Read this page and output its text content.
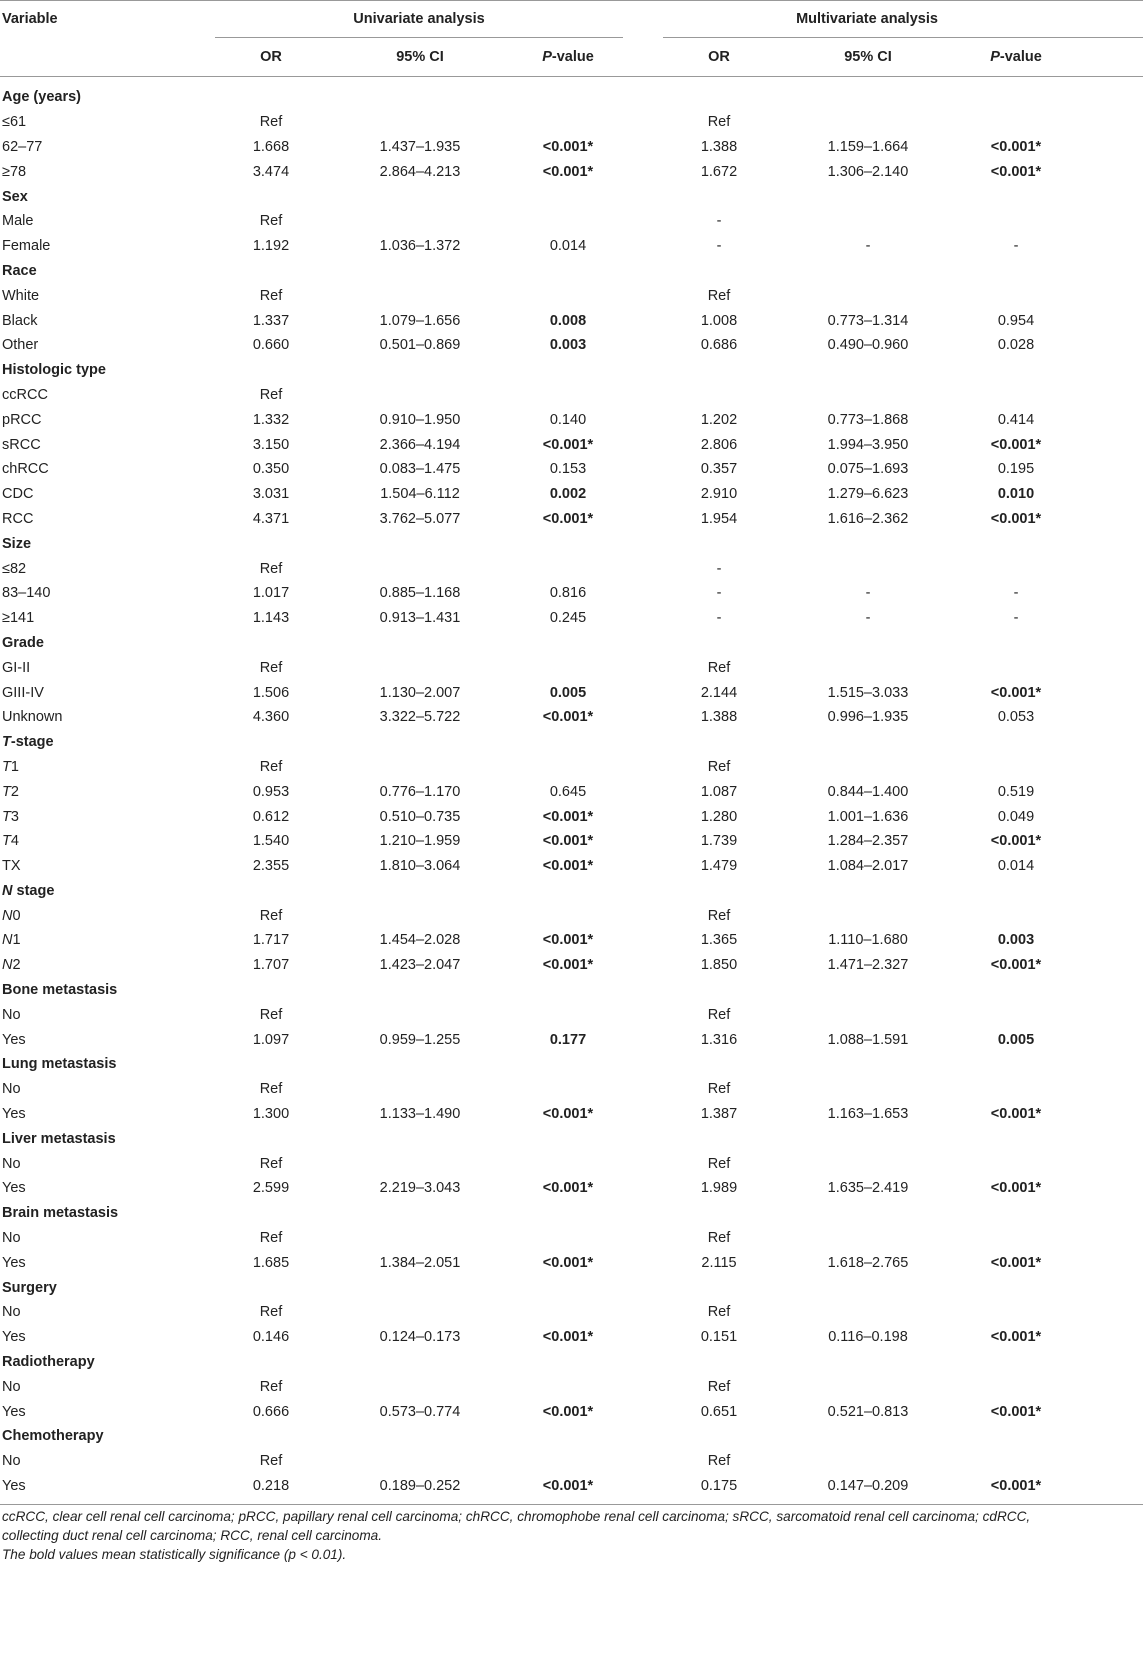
Variable	Univariate analysis				Multivariate analysis			
	OR	95% CI	P-value		OR	95% CI	P-value	

Age (years)								
≤61	Ref				Ref			
62–77	1.668	1.437–1.935	<0.001*		1.388	1.159–1.664	<0.001*	
≥78	3.474	2.864–4.213	<0.001*		1.672	1.306–2.140	<0.001*	
Sex								
Male	Ref				-			
Female	1.192	1.036–1.372	0.014		-	-	-	
Race								
White	Ref				Ref			
Black	1.337	1.079–1.656	0.008		1.008	0.773–1.314	0.954	
Other	0.660	0.501–0.869	0.003		0.686	0.490–0.960	0.028	
Histologic type								
ccRCC	Ref							
pRCC	1.332	0.910–1.950	0.140		1.202	0.773–1.868	0.414	
sRCC	3.150	2.366–4.194	<0.001*		2.806	1.994–3.950	<0.001*	
chRCC	0.350	0.083–1.475	0.153		0.357	0.075–1.693	0.195	
CDC	3.031	1.504–6.112	0.002		2.910	1.279–6.623	0.010	
RCC	4.371	3.762–5.077	<0.001*		1.954	1.616–2.362	<0.001*	
Size								
≤82	Ref				-			
83–140	1.017	0.885–1.168	0.816		-	-	-	
≥141	1.143	0.913–1.431	0.245		-	-	-	
Grade								
GI-II	Ref				Ref			
GIII-IV	1.506	1.130–2.007	0.005		2.144	1.515–3.033	<0.001*	
Unknown	4.360	3.322–5.722	<0.001*		1.388	0.996–1.935	0.053	
T-stage								
T1	Ref				Ref			
T2	0.953	0.776–1.170	0.645		1.087	0.844–1.400	0.519	
T3	0.612	0.510–0.735	<0.001*		1.280	1.001–1.636	0.049	
T4	1.540	1.210–1.959	<0.001*		1.739	1.284–2.357	<0.001*	
TX	2.355	1.810–3.064	<0.001*		1.479	1.084–2.017	0.014	
N stage								
N0	Ref				Ref			
N1	1.717	1.454–2.028	<0.001*		1.365	1.110–1.680	0.003	
N2	1.707	1.423–2.047	<0.001*		1.850	1.471–2.327	<0.001*	
Bone metastasis								
No	Ref				Ref			
Yes	1.097	0.959–1.255	0.177		1.316	1.088–1.591	0.005	
Lung metastasis								
No	Ref				Ref			
Yes	1.300	1.133–1.490	<0.001*		1.387	1.163–1.653	<0.001*	
Liver metastasis								
No	Ref				Ref			
Yes	2.599	2.219–3.043	<0.001*		1.989	1.635–2.419	<0.001*	
Brain metastasis								
No	Ref				Ref			
Yes	1.685	1.384–2.051	<0.001*		2.115	1.618–2.765	<0.001*	
Surgery								
No	Ref				Ref			
Yes	0.146	0.124–0.173	<0.001*		0.151	0.116–0.198	<0.001*	
Radiotherapy								
No	Ref				Ref			
Yes	0.666	0.573–0.774	<0.001*		0.651	0.521–0.813	<0.001*	
Chemotherapy								
No	Ref				Ref			
Yes	0.218	0.189–0.252	<0.001*		0.175	0.147–0.209	<0.001*	

ccRCC, clear cell renal cell carcinoma; pRCC, papillary renal cell carcinoma; chRCC, chromophobe renal cell carcinoma; sRCC, sarcomatoid renal cell carcinoma; cdRCC, collecting duct renal cell carcinoma; RCC, renal cell carcinoma.

The bold values mean statistically significance (p < 0.01).
